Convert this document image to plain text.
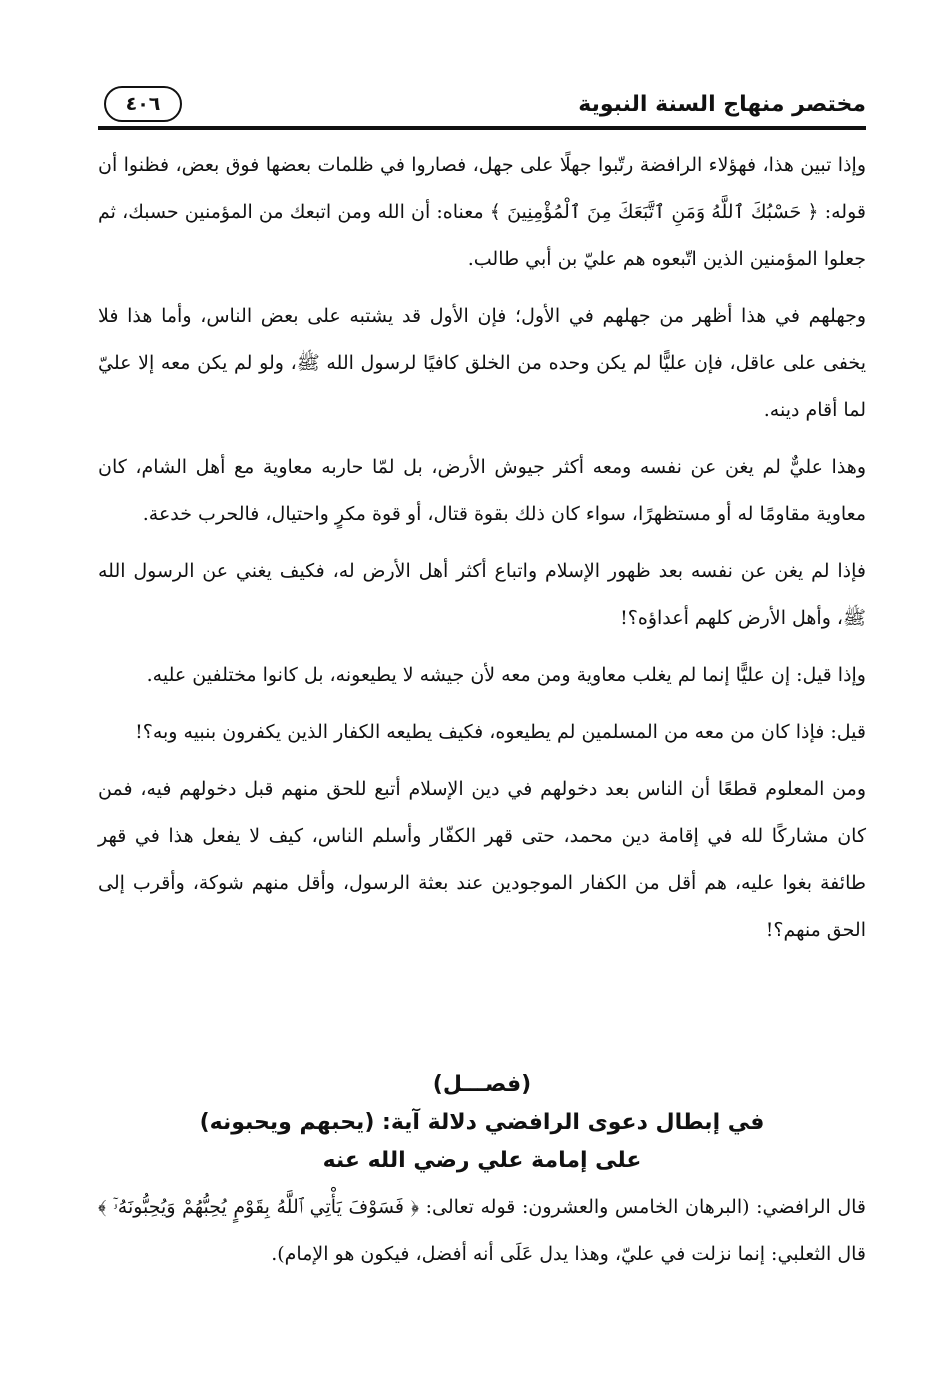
مختصر منهاج السنة النبوية
٤٠٦

وإذا تبين هذا، فهؤلاء الرافضة رتّبوا جهلًا على جهل، فصاروا في ظلمات بعضها فوق بعض، فظنوا أن قوله: ﴿ حَسْبُكَ ٱللَّهُ وَمَنِ ٱتَّبَعَكَ مِنَ ٱلْمُؤْمِنِينَ ﴾ معناه: أن الله ومن اتبعك من المؤمنين حسبك، ثم جعلوا المؤمنين الذين اتّبعوه هم عليّ بن أبي طالب.

وجهلهم في هذا أظهر من جهلهم في الأول؛ فإن الأول قد يشتبه على بعض الناس، وأما هذا فلا يخفى على عاقل، فإن عليًّا لم يكن وحده من الخلق كافيًا لرسول الله ﷺ، ولو لم يكن معه إلا عليّ لما أقام دينه.

وهذا عليٌّ لم يغن عن نفسه ومعه أكثر جيوش الأرض، بل لمّا حاربه معاوية مع أهل الشام، كان معاوية مقاومًا له أو مستظهرًا، سواء كان ذلك بقوة قتال، أو قوة مكرٍ واحتيال، فالحرب خدعة.

فإذا لم يغن عن نفسه بعد ظهور الإسلام واتباع أكثر أهل الأرض له، فكيف يغني عن الرسول الله ﷺ، وأهل الأرض كلهم أعداؤه؟!

وإذا قيل: إن عليًّا إنما لم يغلب معاوية ومن معه لأن جيشه لا يطيعونه، بل كانوا مختلفين عليه.

قيل: فإذا كان من معه من المسلمين لم يطيعوه، فكيف يطيعه الكفار الذين يكفرون بنبيه وبه؟!

ومن المعلوم قطعًا أن الناس بعد دخولهم في دين الإسلام أتبع للحق منهم قبل دخولهم فيه، فمن كان مشاركًا لله في إقامة دين محمد، حتى قهر الكفّار وأسلم الناس، كيف لا يفعل هذا في قهر طائفة بغوا عليه، هم أقل من الكفار الموجودين عند بعثة الرسول، وأقل منهم شوكة، وأقرب إلى الحق منهم؟!

(فصـــل)
في إبطال دعوى الرافضي دلالة آية: (يحبهم ويحبونه)
على إمامة علي رضي الله عنه

قال الرافضي: (البرهان الخامس والعشرون: قوله تعالى: ﴿ فَسَوْفَ يَأْتِي ٱللَّهُ بِقَوْمٍ يُحِبُّهُمْ وَيُحِبُّونَهُۥٓ ﴾ قال الثعلبي: إنما نزلت في عليّ، وهذا يدل عَلَى أنه أفضل، فيكون هو الإمام).
